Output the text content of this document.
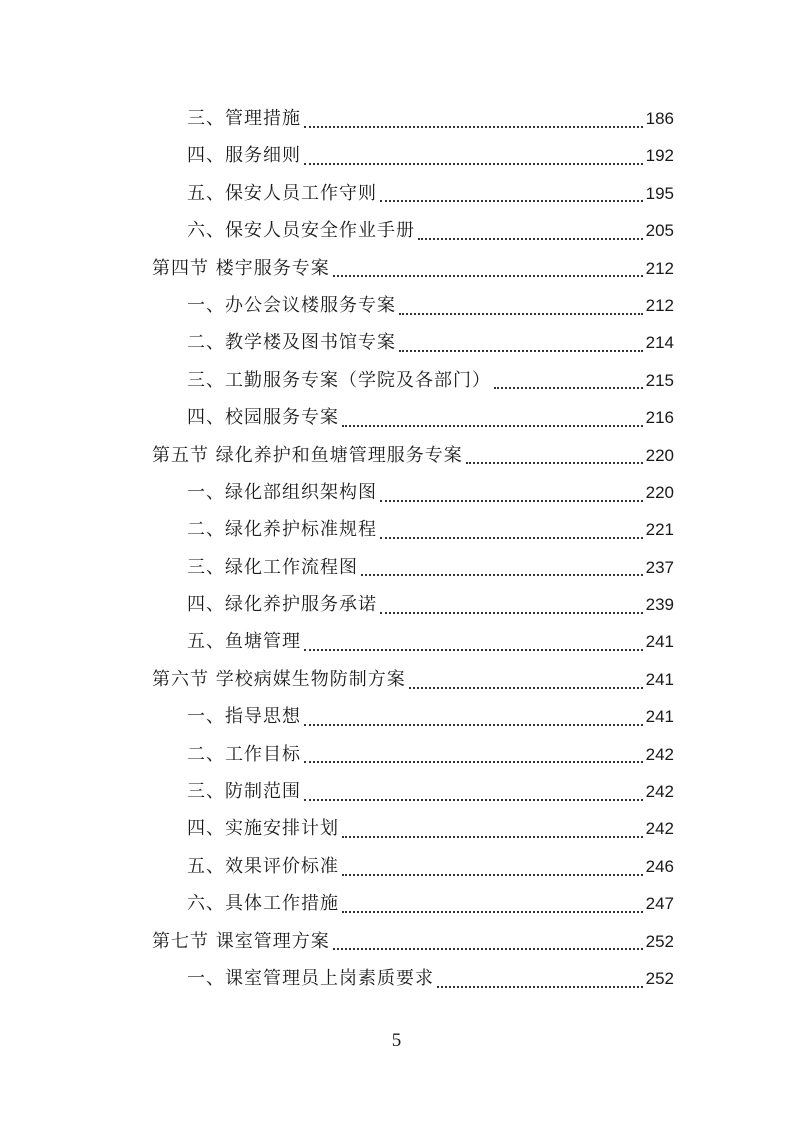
三、管理措施	186
四、服务细则	192
五、保安人员工作守则	195
六、保安人员安全作业手册	205
第四节 楼宇服务专案	212
一、办公会议楼服务专案	212
二、教学楼及图书馆专案	214
三、工勤服务专案（学院及各部门）	215
四、校园服务专案	216
第五节 绿化养护和鱼塘管理服务专案	220
一、绿化部组织架构图	220
二、绿化养护标准规程	221
三、绿化工作流程图	237
四、绿化养护服务承诺	239
五、鱼塘管理	241
第六节 学校病媒生物防制方案	241
一、指导思想	241
二、工作目标	242
三、防制范围	242
四、实施安排计划	242
五、效果评价标准	246
六、具体工作措施	247
第七节 课室管理方案	252
一、课室管理员上岗素质要求	252
5
